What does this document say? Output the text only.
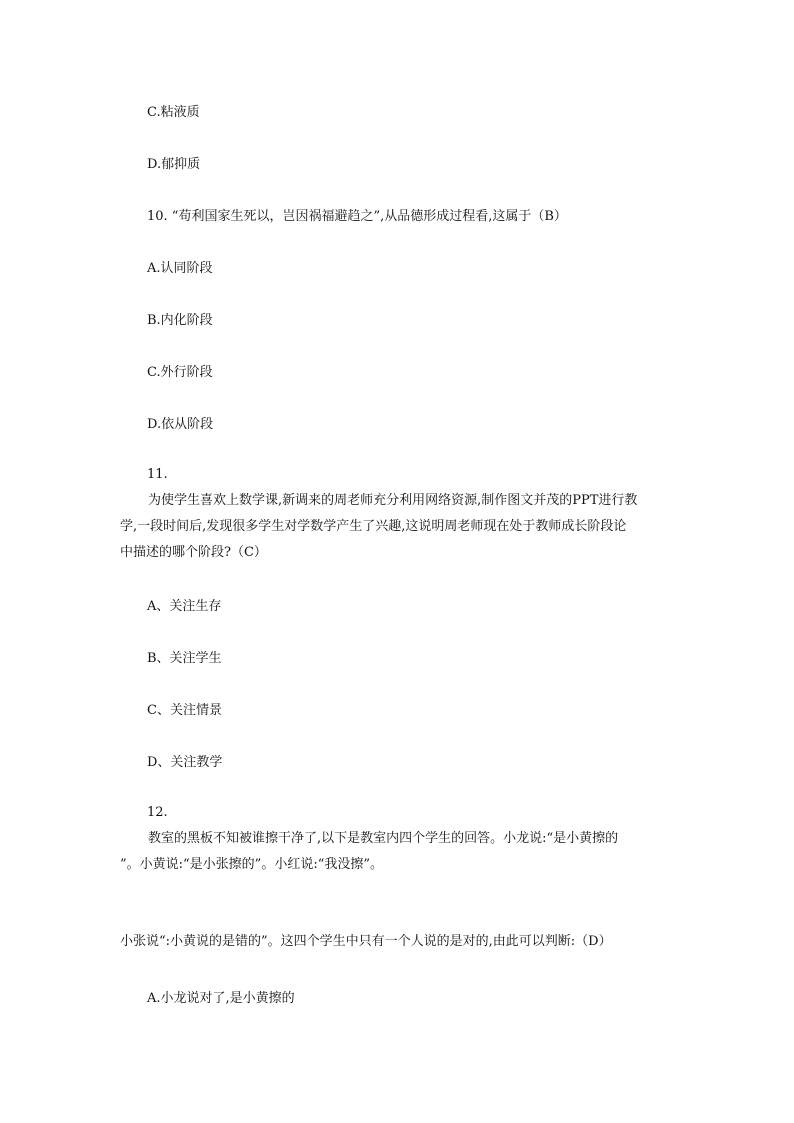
C.粘液质
D.郁抑质
10. “苟利国家生死以，岂因祸福避趋之”,从品德形成过程看,这属于（B）
A.认同阶段
B.内化阶段
C.外行阶段
D.依从阶段
11.
为使学生喜欢上数学课,新调来的周老师充分利用网络资源,制作图文并茂的PPT进行教
学,一段时间后,发现很多学生对学数学产生了兴趣,这说明周老师现在处于教师成长阶段论
中描述的哪个阶段?（C）
A、关注生存
B、关注学生
C、关注情景
D、关注教学
12.
教室的黑板不知被谁擦干净了,以下是教室内四个学生的回答。小龙说:“是小黄擦的
”。小黄说:“是小张擦的”。小红说:“我没擦”。
小张说“:小黄说的是错的”。这四个学生中只有一个人说的是对的,由此可以判断:（D）
A.小龙说对了,是小黄擦的
